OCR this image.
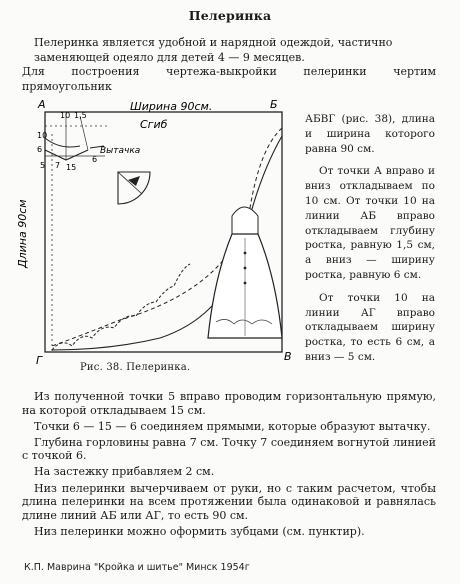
Пелеринка

Пелеринка является удобной и нарядной одеждой, частично

заменяющей одеяло для детей 4 — 9 месяцев.

Для построения чертежа-выкройки пелеринки чертим прямоугольник

А	Б
В
Г
Ширина 90см.
Сгиб
Длина 90см
Вытачка
10 1,5
10
6
6
7
5	15
Рис. 38. Пелеринка.

АБВГ (рис. 38), длина и ширина которого равна 90 см.

От точки А вправо и вниз откладываем по 10 см. От точки 10 на линии АБ вправо откладываем глубину ростка, равную 1,5 см, а вниз — ширину ростка, равную 6 см.

От точки 10 на линии АГ вправо откладываем ширину ростка, то есть 6 см, а вниз — 5 см.

Из полученной точки 5 вправо проводим горизонтальную прямую, на которой откладываем 15 см.

Точки 6 — 15 — 6 соединяем прямыми, которые образуют вытачку.

Глубина горловины равна 7 см. Точку 7 соединяем вогнутой линией с точкой 6.

На застежку прибавляем 2 см.

Низ пелеринки вычерчиваем от руки, но с таким расчетом, чтобы длина пелеринки на всем протяжении была одинаковой и равнялась длине линий АБ или АГ, то есть 90 см.

Низ пелеринки можно оформить зубцами (см. пунктир).

К.П. Маврина "Кройка и шитье" Минск 1954г
